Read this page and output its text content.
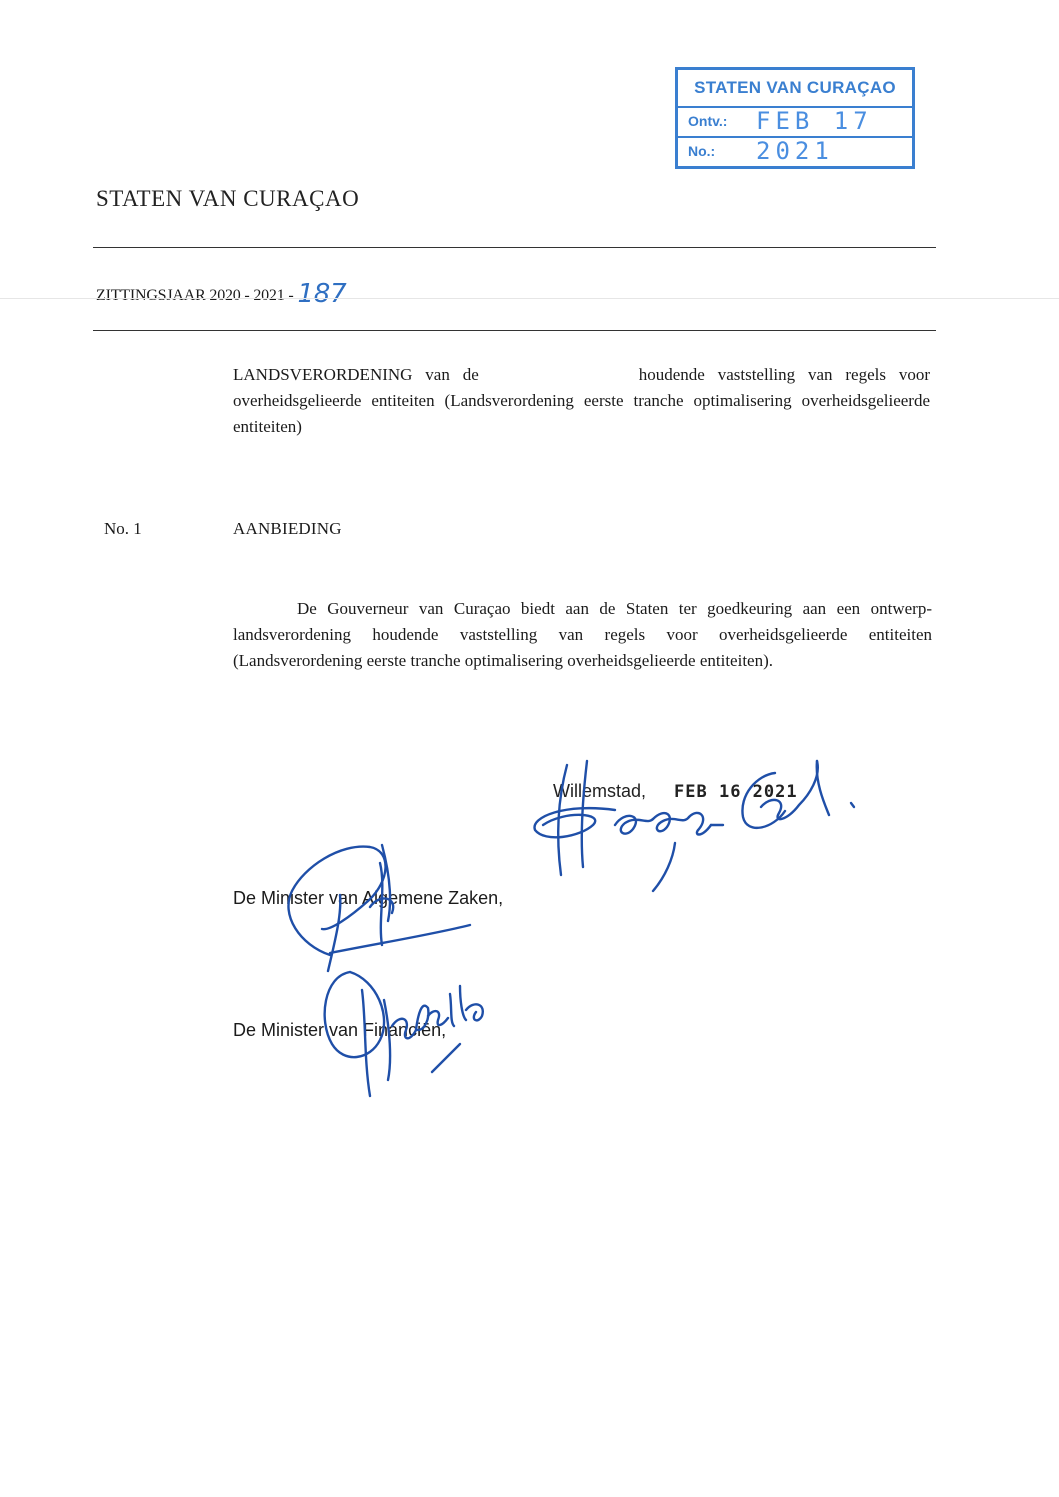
STATEN VAN CURAÇAO
Ontv.: FEB 17 2021
No.:
STATEN VAN CURAÇAO
ZITTINGSJAAR 2020 - 2021 - 187
LANDSVERORDENING van de	houdende vaststelling van regels voor overheidsgelieerde entiteiten (Landsverordening eerste tranche optimalisering overheidsgelieerde entiteiten)
No. 1	AANBIEDING
De Gouverneur van Curaçao biedt aan de Staten ter goedkeuring aan een ontwerp-landsverordening houdende vaststelling van regels voor overheidsgelieerde entiteiten (Landsverordening eerste tranche optimalisering overheidsgelieerde entiteiten).
Willemstad, FEB 16 2021
De Minister van Algemene Zaken,
De Minister van Financiën,
